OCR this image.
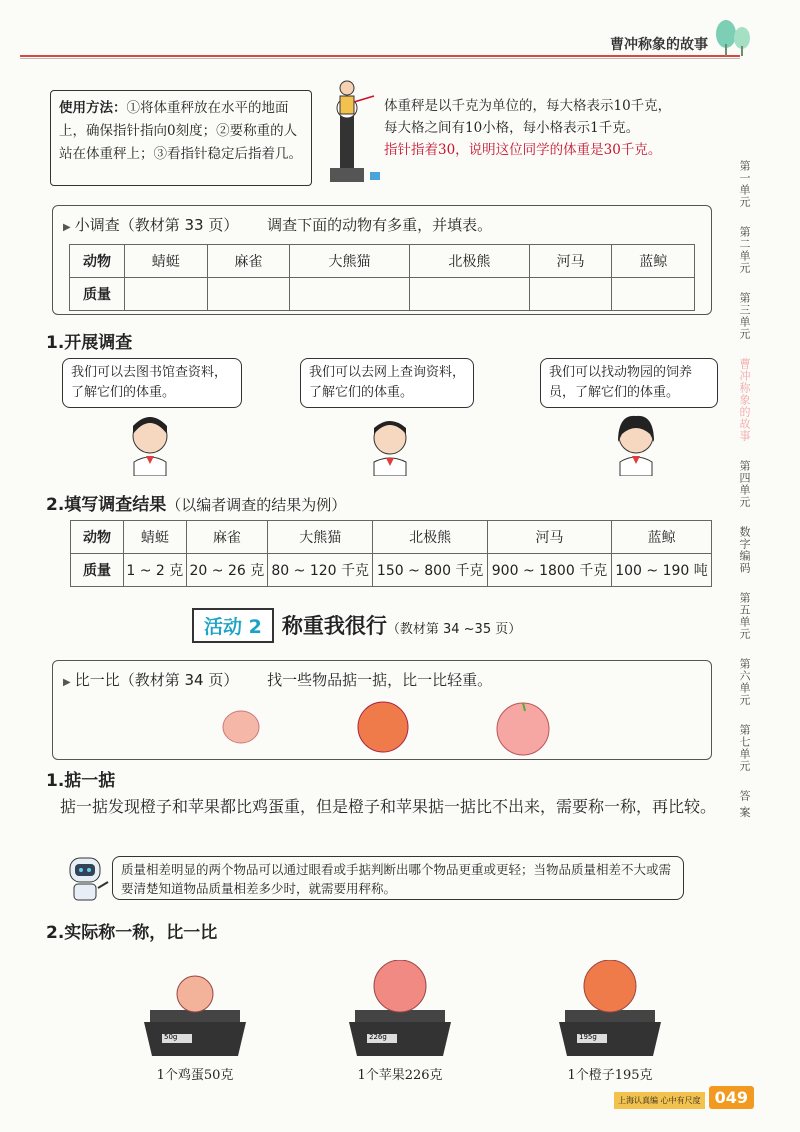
曹冲称象的故事
第一单元
第二单元
第三单元
曹冲称象的故事
第四单元
数字编码
第五单元
第六单元
第七单元
答 案
使用方法：①将体重秤放在水平的地面上，确保指针指向0刻度；②要称重的人站在体重秤上；③看指针稳定后指着几。
体重秤是以千克为单位的，每大格表示10千克，
每大格之间有10小格，每小格表示1千克。
指针指着30，说明这位同学的体重是30千克。
▶ 小调查（教材第 33 页） 调查下面的动物有多重，并填表。
动物	蜻蜓	麻雀	大熊猫	北极熊	河马	蓝鲸
质量						
1.开展调查
我们可以去图书馆查资料，了解它们的体重。
我们可以去网上查询资料，了解它们的体重。
我们可以找动物园的饲养员，了解它们的体重。
2.填写调查结果（以编者调查的结果为例）
动物	蜻蜓	麻雀	大熊猫	北极熊	河马	蓝鲸
质量	1 ~ 2 克	20 ~ 26 克	80 ~ 120 千克	150 ~ 800 千克	900 ~ 1800 千克	100 ~ 190 吨
活动 2 称重我很行（教材第 34 ~35 页）
▶ 比一比（教材第 34 页） 找一些物品掂一掂，比一比轻重。
1.掂一掂
掂一掂发现橙子和苹果都比鸡蛋重，但是橙子和苹果掂一掂比不出来，需要称一称，再比较。
质量相差明显的两个物品可以通过眼看或手掂判断出哪个物品更重或更轻；当物品质量相差不大或需要清楚知道物品质量相差多少时，就需要用秤称。
2.实际称一称，比一比
50g
1个鸡蛋50克
226g
1个苹果226克
195g
1个橙子195克
上海认真编 心中有尺度 049
